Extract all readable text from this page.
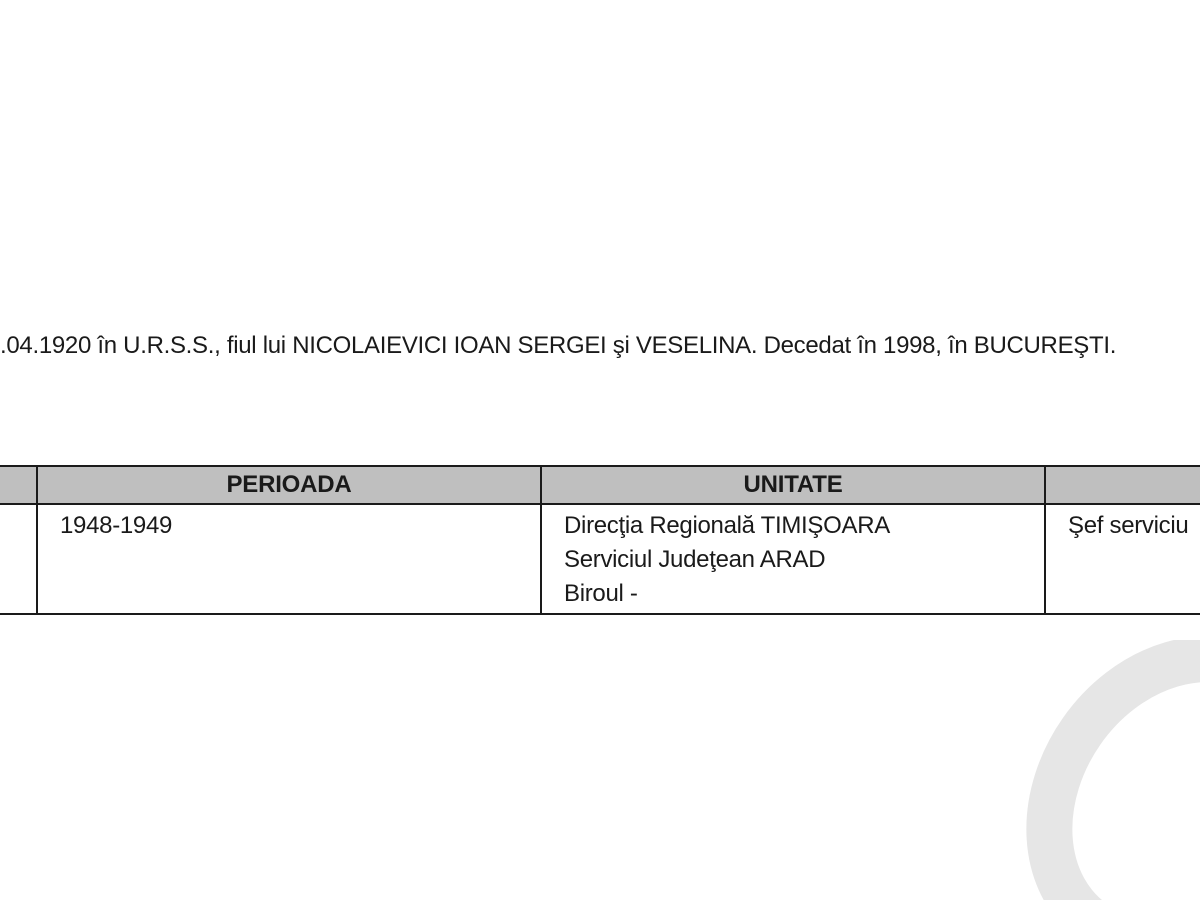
.04.1920 în U.R.S.S., fiul lui NICOLAIEVICI IOAN SERGEI şi VESELINA. Decedat în 1998, în BUCUREŞTI.
	PERIOADA	UNITATE	
	1948-1949	Direcţia Regională TIMIŞOARA
Serviciul Judeţean ARAD
Biroul -	Şef serviciu
